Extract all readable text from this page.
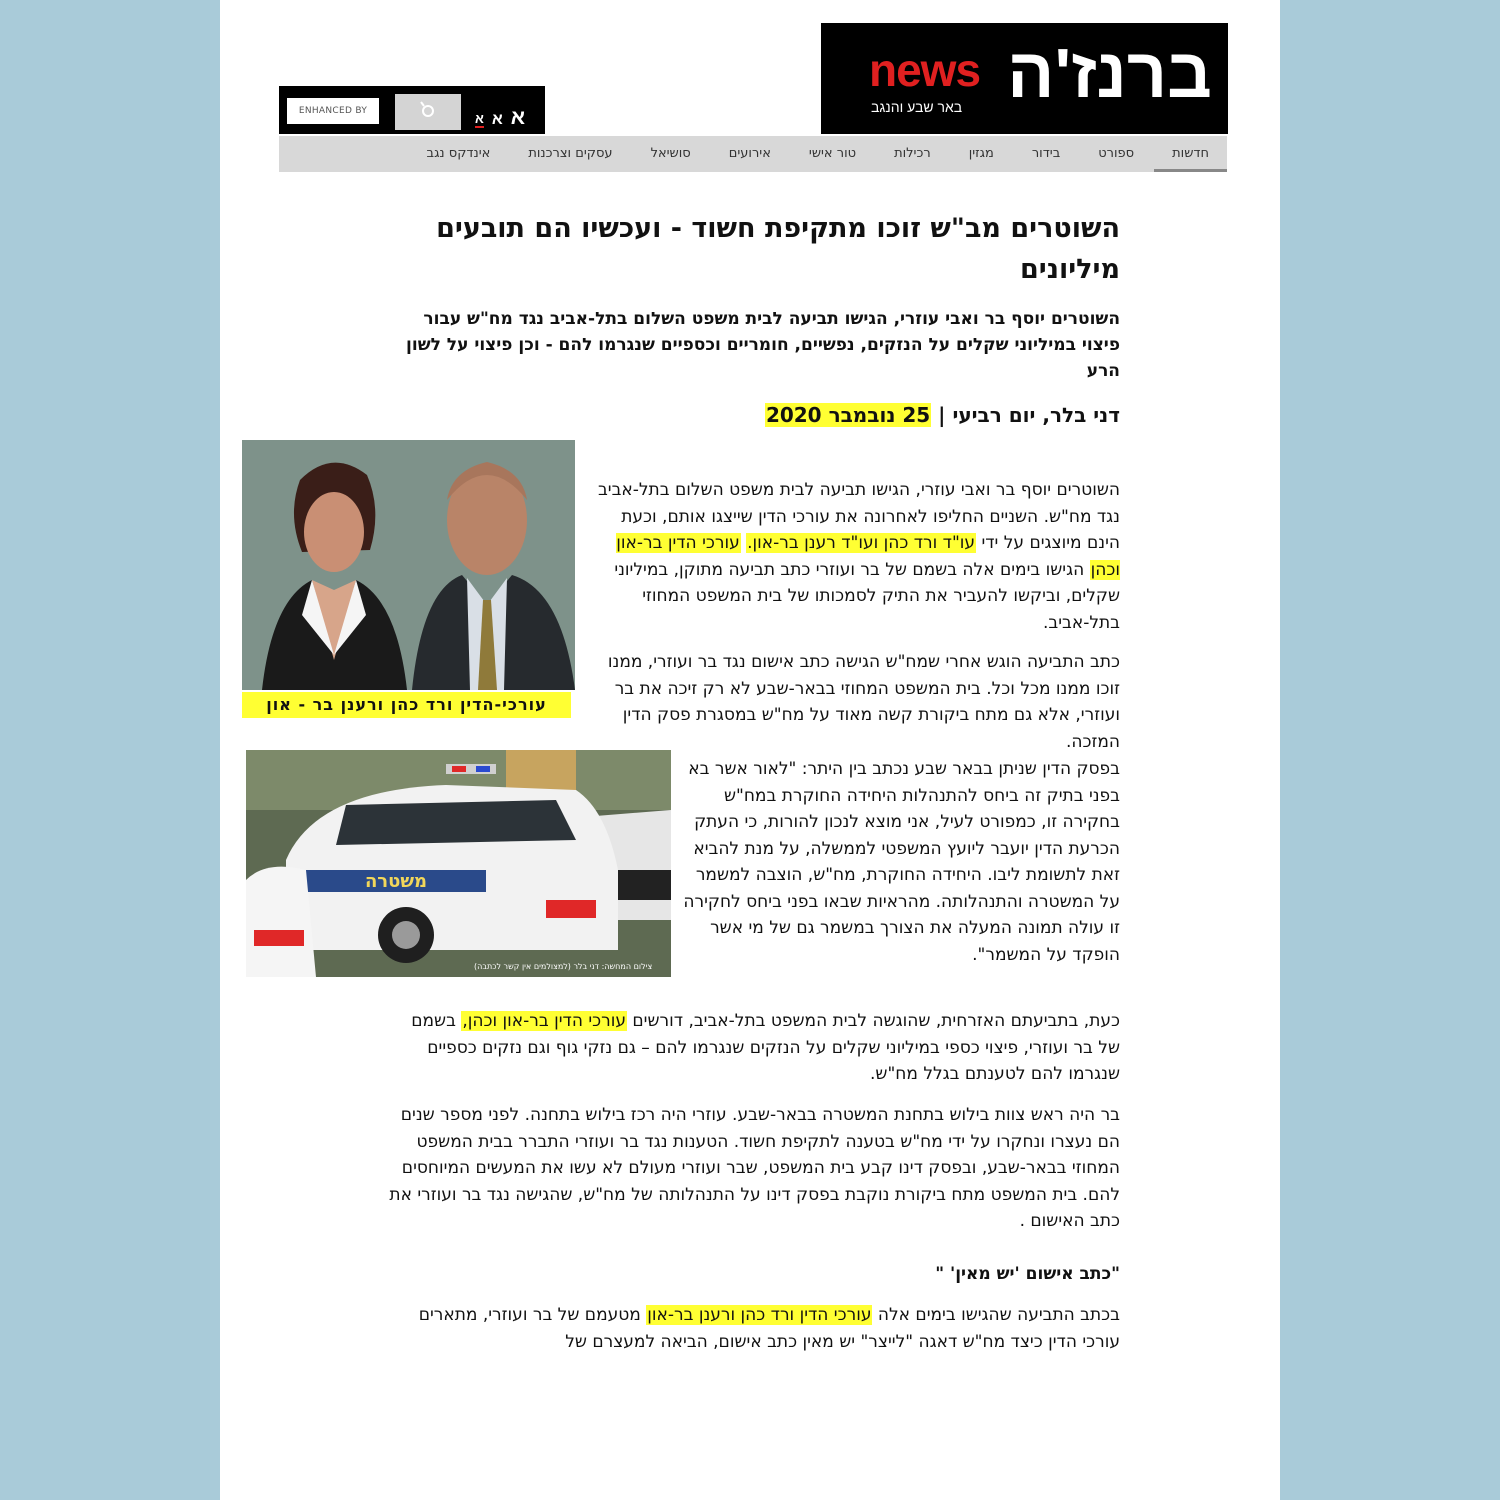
news ברנז'ה
באר שבע והנגב
ENHANCED BY	א א א
חדשות
ספורט
בידור
מגזין
רכילות
טור אישי
אירועים
סושיאל
עסקים וצרכנות
אינדקס נגב
השוטרים מב"ש זוכו מתקיפת חשוד - ועכשיו הם תובעים מיליונים

השוטרים יוסף בר ואבי עוזרי, הגישו תביעה לבית משפט השלום בתל-אביב נגד מח"ש עבור פיצוי במיליוני שקלים על הנזקים, נפשיים, חומריים וכספיים שנגרמו להם - וכן פיצוי על לשון הרע

דני בלר, יום רביעי | 25 נובמבר 2020

עורכי-הדין ורד כהן ורענן בר - און
משטרה
צילום המחשה: דני בלר (למצולמים אין קשר לכתבה)

השוטרים יוסף בר ואבי עוזרי, הגישו תביעה לבית משפט השלום בתל-אביב נגד מח"ש. השניים החליפו לאחרונה את עורכי הדין שייצגו אותם, וכעת הינם מיוצגים על ידי עו"ד ורד כהן ועו"ד רענן בר-און. עורכי הדין בר-און וכהן הגישו בימים אלה בשמם של בר ועוזרי כתב תביעה מתוקן, במיליוני שקלים, וביקשו להעביר את התיק לסמכותו של בית המשפט המחוזי בתל-אביב.

כתב התביעה הוגש אחרי שמח"ש הגישה כתב אישום נגד בר ועוזרי, ממנו זוכו ממנו מכל וכל. בית המשפט המחוזי בבאר-שבע לא רק זיכה את בר ועוזרי, אלא גם מתח ביקורת קשה מאוד על מח"ש במסגרת פסק הדין המזכה.

בפסק הדין שניתן בבאר שבע נכתב בין היתר: "לאור אשר בא בפני בתיק זה ביחס להתנהלות היחידה החוקרת במח"ש בחקירה זו, כמפורט לעיל, אני מוצא לנכון להורות, כי העתק הכרעת הדין יועבר ליועץ המשפטי לממשלה, על מנת להביא זאת לתשומת ליבו. היחידה החוקרת, מח"ש, הוצבה למשמר על המשטרה והתנהלותה. מהראיות שבאו בפני ביחס לחקירה זו עולה תמונה המעלה את הצורך במשמר גם של מי אשר הופקד על המשמר".

כעת, בתביעתם האזרחית, שהוגשה לבית המשפט בתל-אביב, דורשים עורכי הדין בר-און וכהן, בשמם של בר ועוזרי, פיצוי כספי במיליוני שקלים על הנזקים שנגרמו להם – גם נזקי גוף וגם נזקים כספיים שנגרמו להם לטענתם בגלל מח"ש.

בר היה ראש צוות בילוש בתחנת המשטרה בבאר-שבע. עוזרי היה רכז בילוש בתחנה. לפני מספר שנים הם נעצרו ונחקרו על ידי מח"ש בטענה לתקיפת חשוד. הטענות נגד בר ועוזרי התברר בבית המשפט המחוזי בבאר-שבע, ובפסק דינו קבע בית המשפט, שבר ועוזרי מעולם לא עשו את המעשים המיוחסים להם. בית המשפט מתח ביקורת נוקבת בפסק דינו על התנהלותה של מח"ש, שהגישה נגד בר ועוזרי את כתב האישום .

"כתב אישום 'יש מאין' "

בכתב התביעה שהגישו בימים אלה עורכי הדין ורד כהן ורענן בר-און מטעמם של בר ועוזרי, מתארים עורכי הדין כיצד מח"ש דאגה "לייצר" יש מאין כתב אישום, הביאה למעצרם של
